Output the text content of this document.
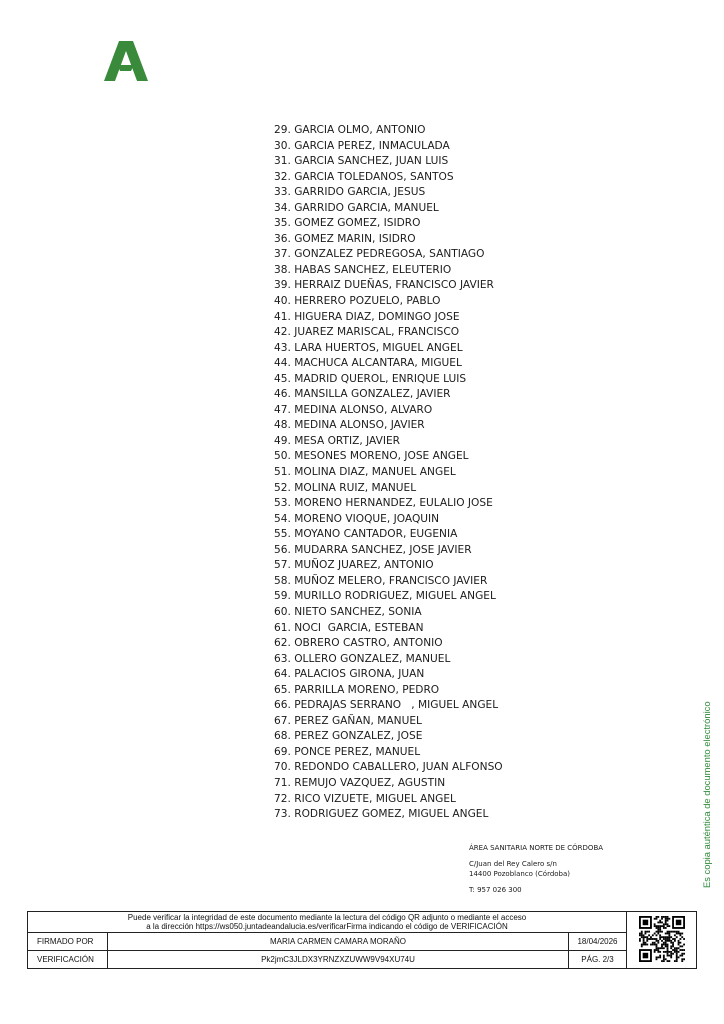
29. GARCIA OLMO, ANTONIO
30. GARCIA PEREZ, INMACULADA
31. GARCIA SANCHEZ, JUAN LUIS
32. GARCIA TOLEDANOS, SANTOS
33. GARRIDO GARCIA, JESUS
34. GARRIDO GARCIA, MANUEL
35. GOMEZ GOMEZ, ISIDRO
36. GOMEZ MARIN, ISIDRO
37. GONZALEZ PEDREGOSA, SANTIAGO
38. HABAS SANCHEZ, ELEUTERIO
39. HERRAIZ DUEÑAS, FRANCISCO JAVIER
40. HERRERO POZUELO, PABLO
41. HIGUERA DIAZ, DOMINGO JOSE
42. JUAREZ MARISCAL, FRANCISCO
43. LARA HUERTOS, MIGUEL ANGEL
44. MACHUCA ALCANTARA, MIGUEL
45. MADRID QUEROL, ENRIQUE LUIS
46. MANSILLA GONZALEZ, JAVIER
47. MEDINA ALONSO, ALVARO
48. MEDINA ALONSO, JAVIER
49. MESA ORTIZ, JAVIER
50. MESONES MORENO, JOSE ANGEL
51. MOLINA DIAZ, MANUEL ANGEL
52. MOLINA RUIZ, MANUEL
53. MORENO HERNANDEZ, EULALIO JOSE
54. MORENO VIOQUE, JOAQUIN
55. MOYANO CANTADOR, EUGENIA
56. MUDARRA SANCHEZ, JOSE JAVIER
57. MUÑOZ JUAREZ, ANTONIO
58. MUÑOZ MELERO, FRANCISCO JAVIER
59. MURILLO RODRIGUEZ, MIGUEL ANGEL
60. NIETO SANCHEZ, SONIA
61. NOCI  GARCIA, ESTEBAN
62. OBRERO CASTRO, ANTONIO
63. OLLERO GONZALEZ, MANUEL
64. PALACIOS GIRONA, JUAN
65. PARRILLA MORENO, PEDRO
66. PEDRAJAS SERRANO   , MIGUEL ANGEL
67. PEREZ GAÑAN, MANUEL
68. PEREZ GONZALEZ, JOSE
69. PONCE PEREZ, MANUEL
70. REDONDO CABALLERO, JUAN ALFONSO
71. REMUJO VAZQUEZ, AGUSTIN
72. RICO VIZUETE, MIGUEL ANGEL
73. RODRIGUEZ GOMEZ, MIGUEL ANGEL
ÁREA SANITARIA NORTE DE CÓRDOBA
C/Juan del Rey Calero s/n
14400 Pozoblanco (Córdoba)
T: 957 026 300
Es copia auténtica de documento electrónico
Puede verificar la integridad de este documento mediante la lectura del código QR adjunto o mediante el acceso
a la dirección https://ws050.juntadeandalucia.es/verificarFirma indicando el código de VERIFICACIÓN
FIRMADO POR	MARIA CARMEN CAMARA MORAÑO	18/04/2026
VERIFICACIÓN	Pk2jmC3JLDX3YRNZXZUWW9V94XU74U	PÁG. 2/3
